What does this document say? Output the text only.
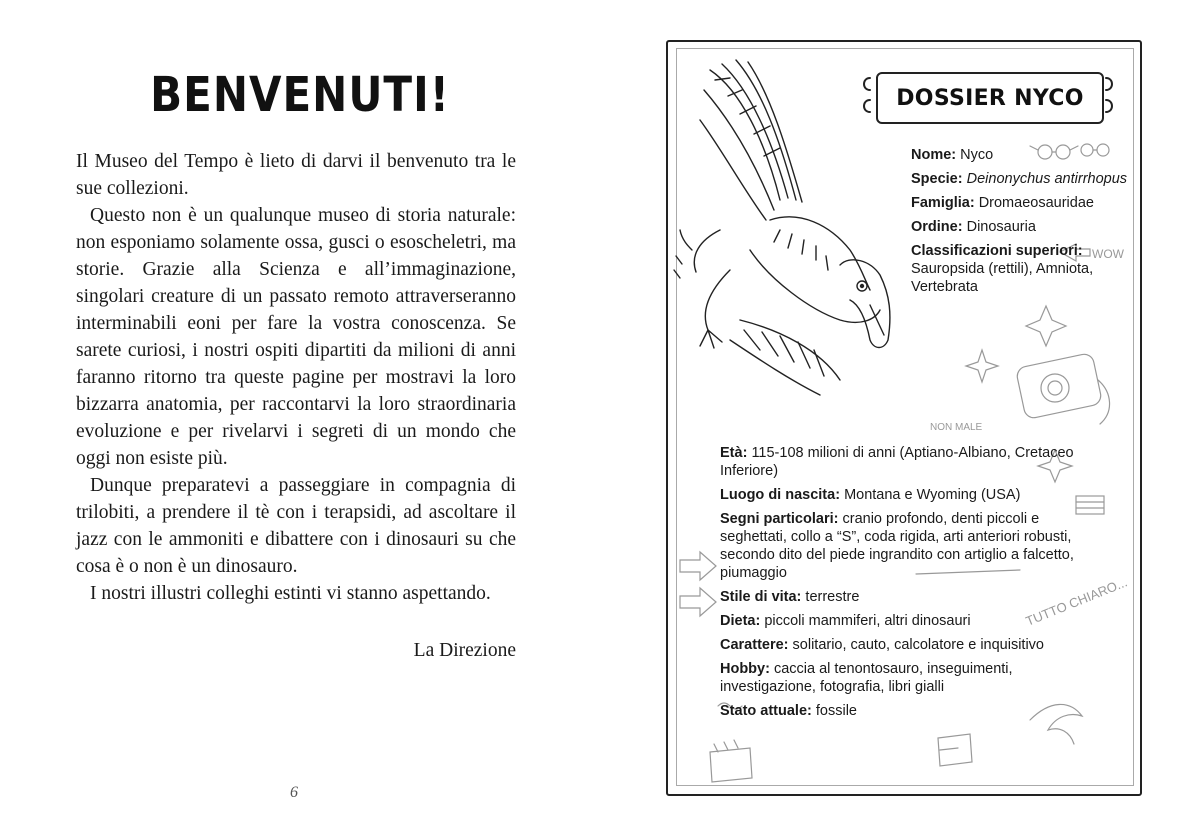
BENVENUTI!

Il Museo del Tempo è lieto di darvi il benvenuto tra le sue collezioni.

Questo non è un qualunque museo di storia naturale: non esponiamo solamente ossa, gusci o esoscheletri, ma storie. Grazie alla Scienza e all’immaginazione, singolari creature di un passato remoto attraverseranno interminabili eoni per fare la vostra conoscenza. Se sarete curiosi, i nostri ospiti dipartiti da milioni di anni faranno ritorno tra queste pagine per mostravi la loro bizzarra anatomia, per raccontarvi la loro straordinaria evoluzione e per rivelarvi i segreti di un mondo che oggi non esiste più.

Dunque preparatevi a passeggiare in compagnia di trilobiti, a prendere il tè con i terapsidi, ad ascoltare il jazz con le ammoniti e dibattere con i dinosauri su che cosa è o non è un dinosauro.

I nostri illustri colleghi estinti vi stanno aspettando.

La Direzione
6
WOW
NON MALE
TUTTO CHIARO...
DOSSIER NYCO
Nome: Nyco
Specie: Deinonychus antirrhopus
Famiglia: Dromaeosauridae
Ordine: Dinosauria
Classificazioni superiori:
Sauropsida (rettili), Amniota, Vertebrata
Età: 115-108 milioni di anni (Aptiano-Albiano, Cretaceo Inferiore)
Luogo di nascita: Montana e Wyoming (USA)
Segni particolari: cranio profondo, denti piccoli e seghettati, collo a “S”, coda rigida, arti anteriori robusti, secondo dito del piede ingrandito con artiglio a falcetto, piumaggio
Stile di vita: terrestre
Dieta: piccoli mammiferi, altri dinosauri
Carattere: solitario, cauto, calcolatore e inquisitivo
Hobby: caccia al tenontosauro, inseguimenti, investigazione, fotografia, libri gialli
Stato attuale: fossile
